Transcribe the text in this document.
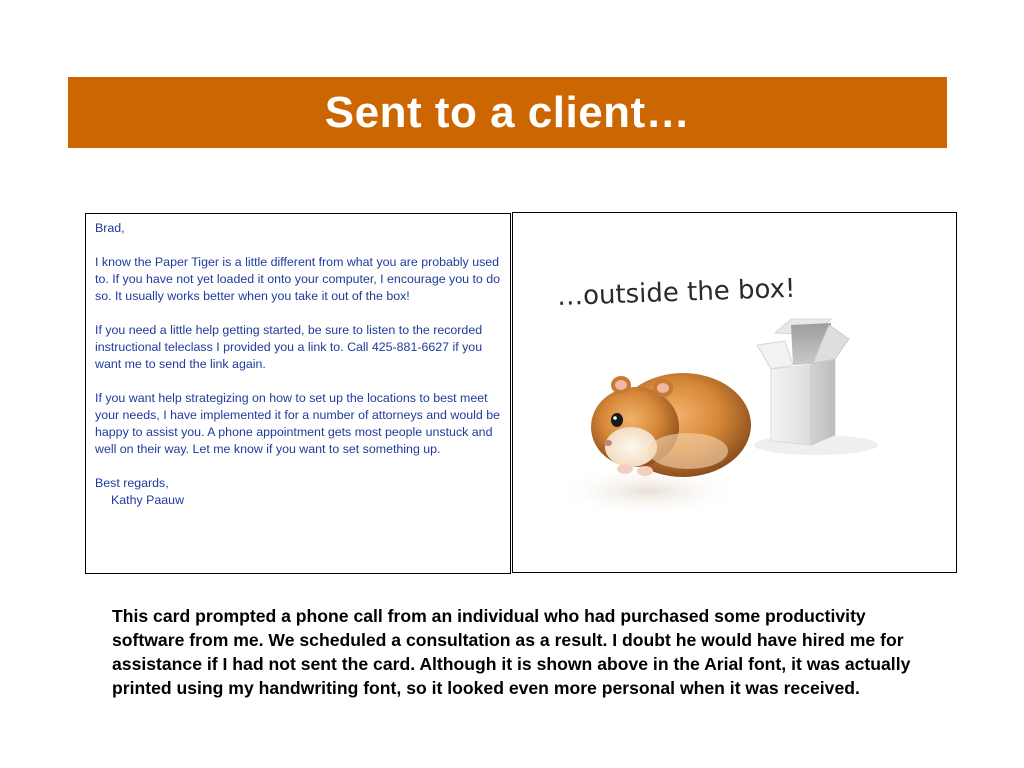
Sent to a client…

Brad,

I know the Paper Tiger is a little different from what you are probably used to. If you have not yet loaded it onto your computer, I encourage you to do so. It usually works better when you take it out of the box!

If you need a little help getting started, be sure to listen to the recorded instructional teleclass I provided you a link to. Call 425-881-6627 if you want me to send the link again.

If you want help strategizing on how to set up the locations to best meet your needs, I have implemented it for a number of attorneys and would be happy to assist you. A phone appointment gets most people unstuck and well on their way. Let me know if you want to set something up.

Best regards,

Kathy Paauw

…outside the box!

This card prompted a phone call from an individual who had purchased some productivity software from me. We scheduled a consultation as a result. I doubt he would have hired me for assistance if I had not sent the card. Although it is shown above in the Arial font, it was actually printed using my handwriting font, so it looked even more personal when it was received.
